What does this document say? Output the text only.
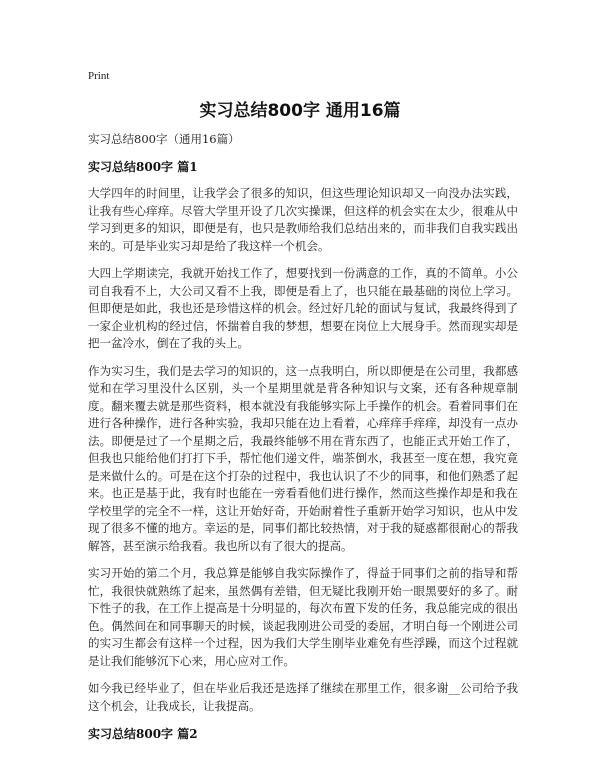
Print
实习总结800字 通用16篇
实习总结800字（通用16篇）
实习总结800字 篇1

大学四年的时间里，让我学会了很多的知识，但这些理论知识却又一向没办法实践，让我有些心痒痒。尽管大学里开设了几次实操课，但这样的机会实在太少，很难从中学习到更多的知识，即便是有，也只是教师给我们总结出来的，而非我们自我实践出来的。可是毕业实习却是给了我这样一个机会。

大四上学期读完，我就开始找工作了，想要找到一份满意的工作，真的不简单。小公司自我看不上，大公司又看不上我，即便是看上了，也只能在最基础的岗位上学习。但即便是如此，我也还是珍惜这样的机会。经过好几轮的面试与复试，我最终得到了一家企业机构的经过信，怀揣着自我的梦想，想要在岗位上大展身手。然而现实却是把一盆冷水，倒在了我的头上。

作为实习生，我们是去学习的知识的，这一点我明白，所以即便是在公司里，我都感觉和在学习里没什么区别，头一个星期里就是背各种知识与文案，还有各种规章制度。翻来覆去就是那些资料，根本就没有我能够实际上手操作的机会。看着同事们在进行各种操作，进行各种实验，我却只能在边上看着，心痒痒手痒痒，却没有一点办法。即便是过了一个星期之后，我最终能够不用在背东西了，也能正式开始工作了，但我也只能给他们打打下手，帮忙他们递文件，端茶倒水，我甚至一度在想，我究竟是来做什么的。可是在这个打杂的过程中，我也认识了不少的同事，和他们熟悉了起来。也正是基于此，我有时也能在一旁看看他们进行操作，然而这些操作却是和我在学校里学的完全不一样，这让开始好奇，开始耐着性子重新开始学习知识，也从中发现了很多不懂的地方。幸运的是，同事们都比较热情，对于我的疑惑都很耐心的帮我解答，甚至演示给我看。我也所以有了很大的提高。

实习开始的第二个月，我总算是能够自我实际操作了，得益于同事们之前的指导和帮忙，我很快就熟练了起来，虽然偶有差错，但无疑比我刚开始一眼黑要好的多了。耐下性子的我，在工作上提高是十分明显的，每次布置下发的任务，我总能完成的很出色。偶然间在和同事聊天的时候，谈起我刚进公司受的委屈，才明白每一个刚进公司的实习生都会有这样一个过程，因为我们大学生刚毕业难免有些浮躁，而这个过程就是让我们能够沉下心来，用心应对工作。

如今我已经毕业了，但在毕业后我还是选择了继续在那里工作，很多谢__公司给予我这个机会，让我成长，让我提高。

实习总结800字 篇2
